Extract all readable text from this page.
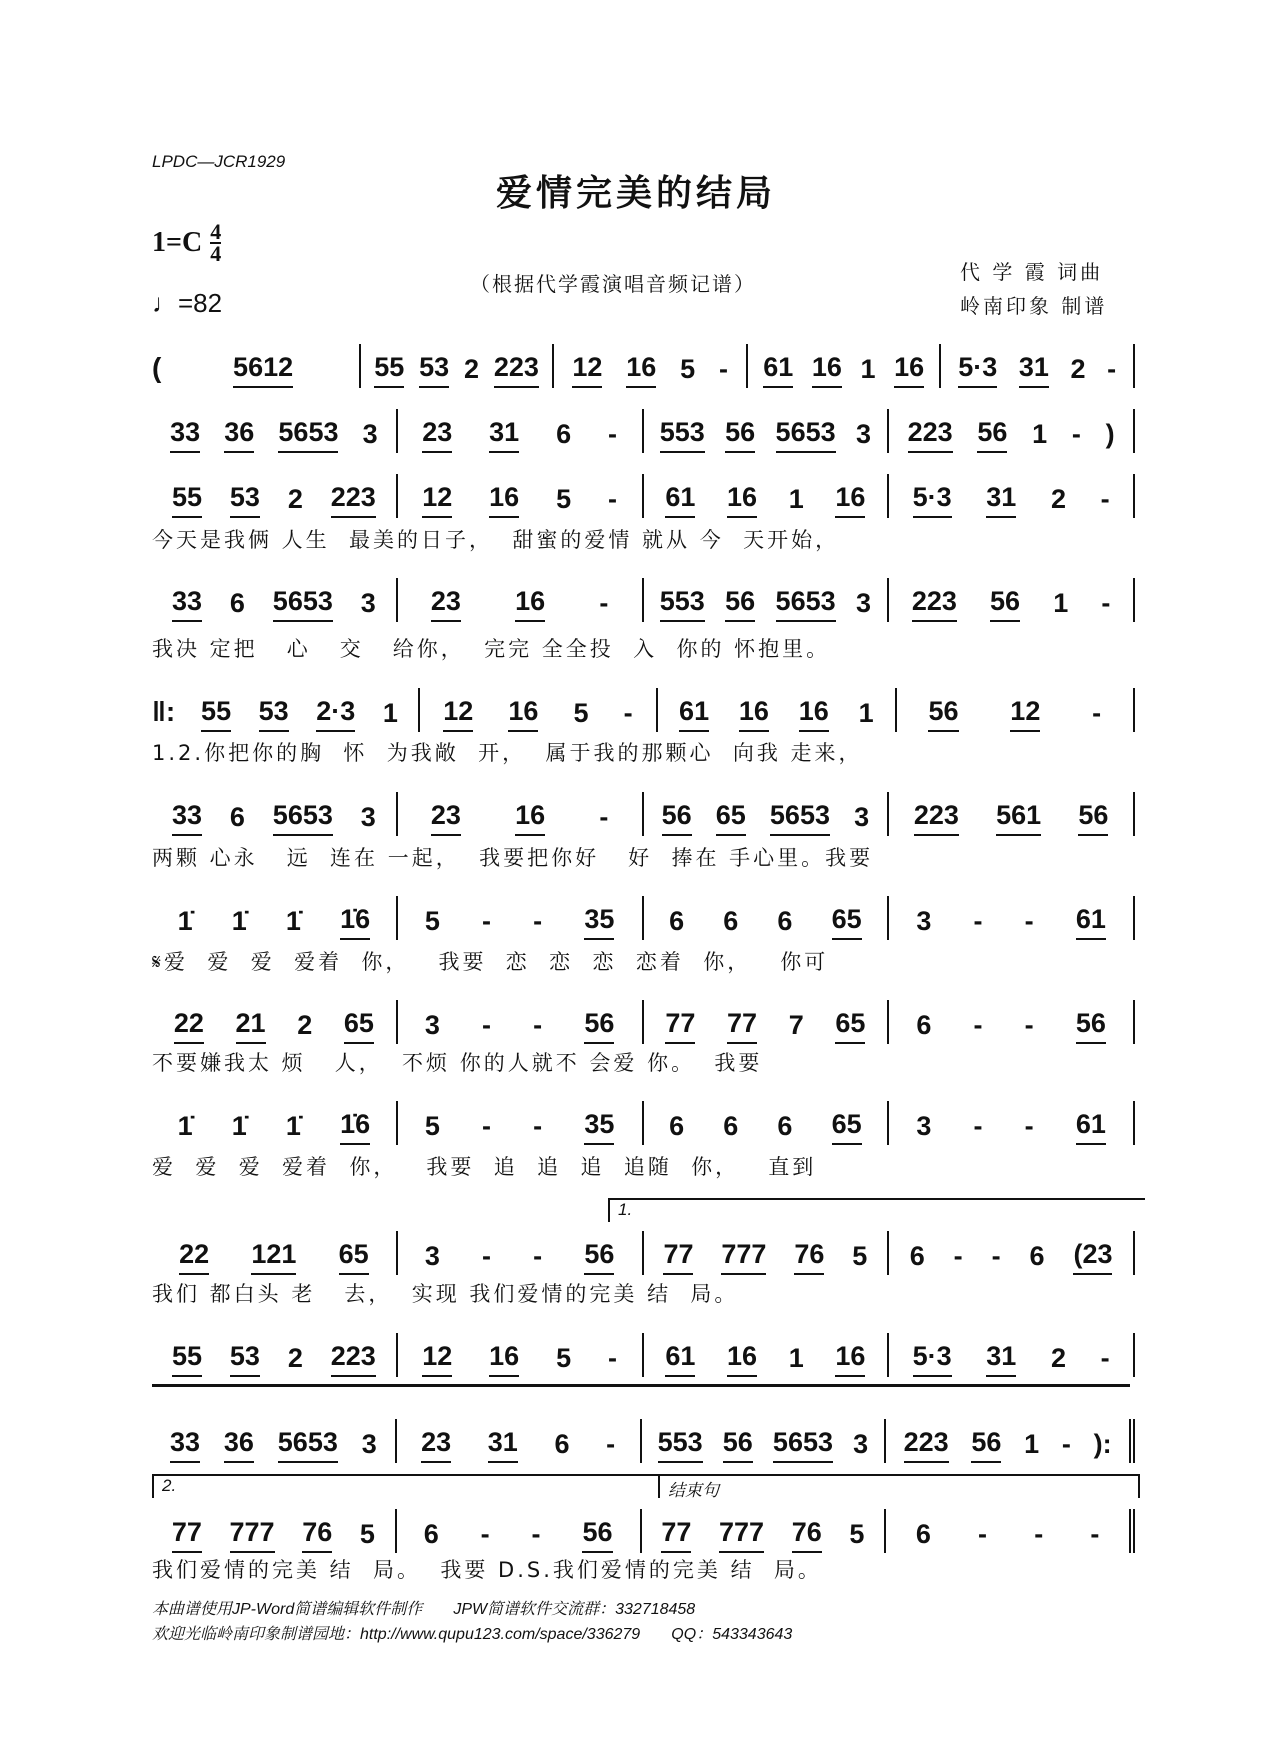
LPDC—JCR1929
爱情完美的结局
$1=C \frac{4}{4}$
♩=82
（根据代学霞演唱音频记谱）	代 学 霞 词曲
岭南印象 制谱
(	5612	55 53 2 223 12 16 5 - 61 16 1 16 5·3 31 2 -
33 36 5653 3 23 31 6 - 553 56 5653 3 223 56 1 - )
55 53 2 223 12 16 5 - 61 16 1 16 5·3 31 2 -
今天是我俩 人生  最美的日子，  甜蜜的爱情 就从 今  天开始，
33 6 5653 3 23 16 - 553 56 5653 3 223 56 1 -
我决 定把   心   交   给你，  完完 全全投  入  你的 怀抱里。
‖: 55 53 2·3 1 12 16 5 - 61 16 16 1 56 12 -
1.2.你把你的胸  怀  为我敞  开，  属于我的那颗心  向我 走来，
33 6 5653 3 23 16 - 56 65 5653 3 223 561 56
两颗 心永   远  连在 一起，  我要把你好   好  捧在 手心里。我要
1̇ 1̇ 1̇ 1̇6 5 - - 35 6 6 6 65 3 - - 61
𝄋爱  爱  爱  爱着  你，   我要  恋  恋  恋  恋着  你，   你可
22 21 2 65 3 - - 56 77 77 7 65 6 - - 56
不要嫌我太 烦   人，  不烦 你的人就不 会爱 你。  我要
1̇ 1̇ 1̇ 1̇6 5 - - 35 6 6 6 65 3 - - 61
爱  爱  爱  爱着  你，   我要  追  追  追  追随  你，   直到
22 121 65 3 - - 56 77 777 76 5 6 - - 6 (23
我们 都白头 老   去，  实现 我们爱情的完美 结  局。
55 53 2 223 12 16 5 - 61 16 1 16 5·3 31 2 -
33 36 5653 3 23 31 6 - 553 56 5653 3 223 56 1 - ):
77 777 76 5 6 - - 56 77 777 76 5 6 - - -
我们爱情的完美 结  局。  我要 D.S.我们爱情的完美 结  局。
1.
2.	结束句
本曲谱使用JP-Word简谱编辑软件制作       JPW简谱软件交流群：332718458
欢迎光临岭南印象制谱园地：http://www.qupu123.com/space/336279       QQ：543343643
